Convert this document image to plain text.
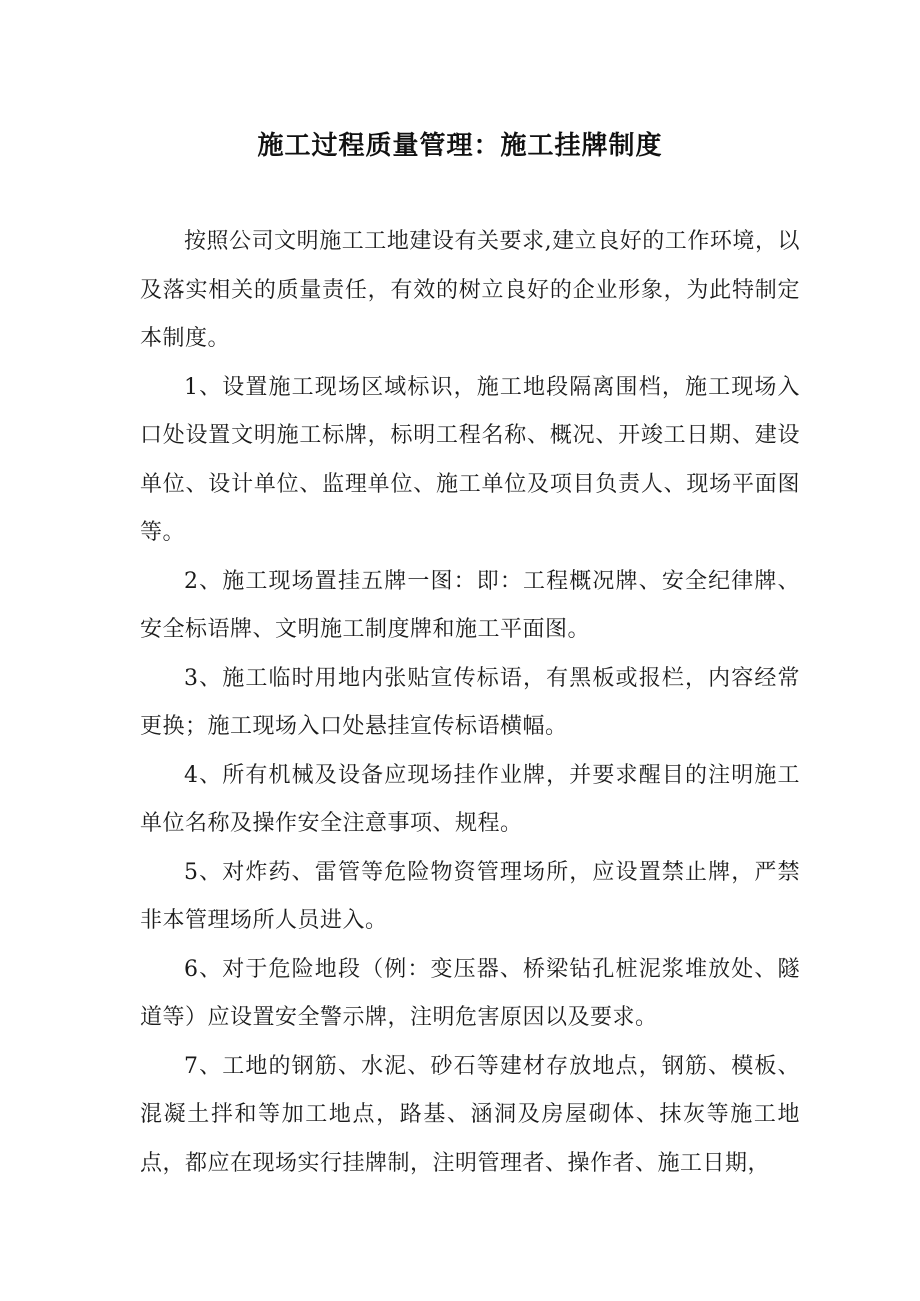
施工过程质量管理：施工挂牌制度

按照公司文明施工工地建设有关要求,建立良好的工作环境，以及落实相关的质量责任，有效的树立良好的企业形象，为此特制定本制度。

1、设置施工现场区域标识，施工地段隔离围档，施工现场入口处设置文明施工标牌，标明工程名称、概况、开竣工日期、建设单位、设计单位、监理单位、施工单位及项目负责人、现场平面图等。

2、施工现场置挂五牌一图：即：工程概况牌、安全纪律牌、安全标语牌、文明施工制度牌和施工平面图。

3、施工临时用地内张贴宣传标语，有黑板或报栏，内容经常更换；施工现场入口处悬挂宣传标语横幅。

4、所有机械及设备应现场挂作业牌，并要求醒目的注明施工单位名称及操作安全注意事项、规程。

5、对炸药、雷管等危险物资管理场所，应设置禁止牌，严禁非本管理场所人员进入。

6、对于危险地段（例：变压器、桥梁钻孔桩泥浆堆放处、隧道等）应设置安全警示牌，注明危害原因以及要求。

7、工地的钢筋、水泥、砂石等建材存放地点，钢筋、模板、混凝土拌和等加工地点，路基、涵洞及房屋砌体、抹灰等施工地点，都应在现场实行挂牌制，注明管理者、操作者、施工日期，
